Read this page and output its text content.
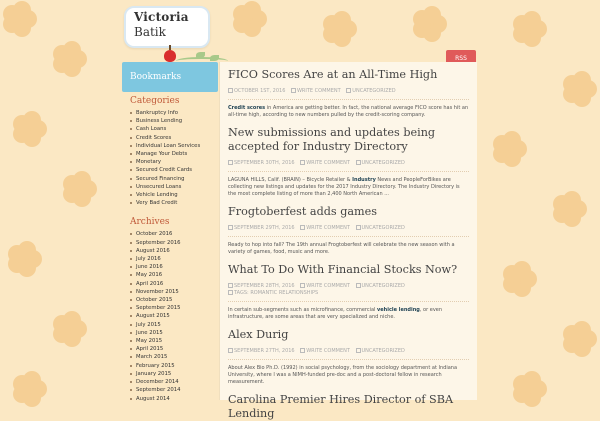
Victoria
Batik
RSS
Bookmarks
Categories
Bankruptcy Info
Business Lending
Cash Loans
Credit Scores
Individual Loan Services
Manage Your Debts
Monetary
Secured Credit Cards
Secured Financing
Unsecured Loans
Vehicle Lending
Very Bad Credit
Archives
October 2016
September 2016
August 2016
July 2016
June 2016
May 2016
April 2016
November 2015
October 2015
September 2015
August 2015
July 2015
June 2015
May 2015
April 2015
March 2015
February 2015
January 2015
December 2014
September 2014
August 2014
FICO Scores Are at an All-Time High
OCTOBER 1ST, 2016 WRITE COMMENT UNCATEGORIZED
Credit scores in America are getting better. In fact, the national average FICO score has hit an all-time high, according to new numbers pulled by the credit-scoring company.
New submissions and updates being accepted for Industry Directory
SEPTEMBER 30TH, 2016 WRITE COMMENT UNCATEGORIZED
LAGUNA HILLS, Calif. (BRAIN) – Bicycle Retailer & Industry News and PeopleForBikes are collecting new listings and updates for the 2017 Industry Directory. The Industry Directory is the most complete listing of more than 2,400 North American ...
Frogtoberfest adds games
SEPTEMBER 29TH, 2016 WRITE COMMENT UNCATEGORIZED
Ready to hop into fall? The 19th annual Frogtoberfest will celebrate the new season with a variety of games, food, music and more.
What To Do With Financial Stocks Now?
SEPTEMBER 28TH, 2016 WRITE COMMENT UNCATEGORIZED
TAGS: ROMANTIC RELATIONSHIPS
In certain sub-segments such as microfinance, commercial vehicle lending, or even infrastructure, are some areas that are very specialized and niche.
Alex Durig
SEPTEMBER 27TH, 2016 WRITE COMMENT UNCATEGORIZED
About Alex Bio Ph.D. (1992) in social psychology, from the sociology department at Indiana University, where I was a NIMH-funded pre-doc and a post-doctoral fellow in research measurement.
Carolina Premier Hires Director of SBA Lending
